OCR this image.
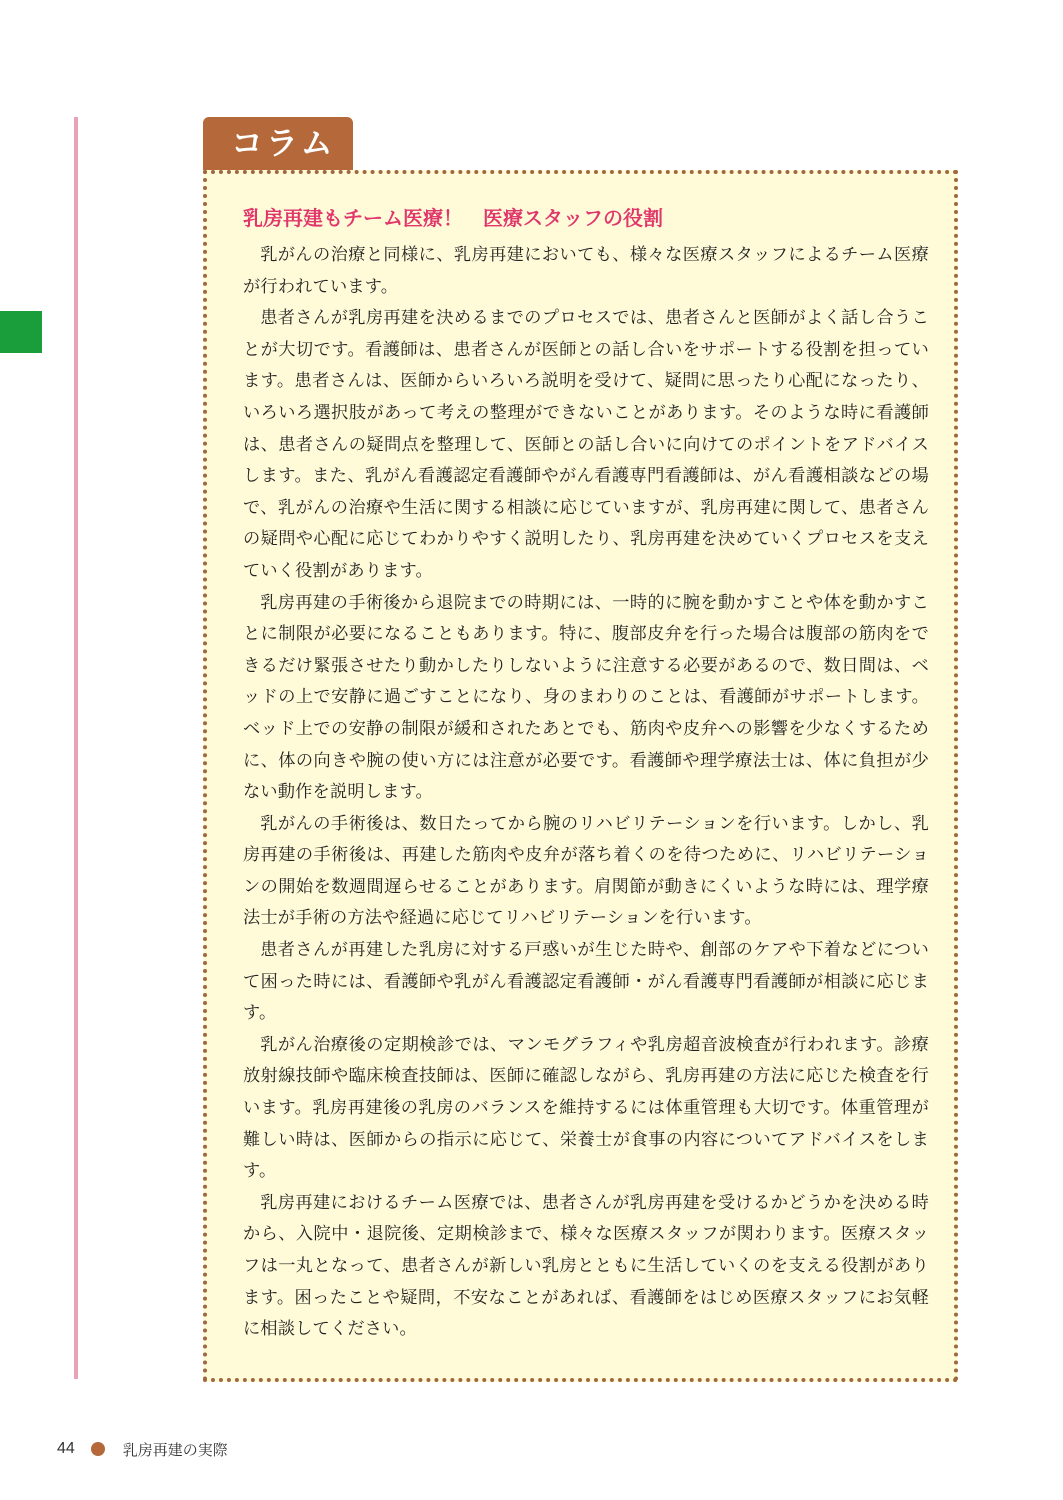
コラム
乳房再建もチーム医療！　医療スタッフの役割

乳がんの治療と同様に、乳房再建においても、様々な医療スタッフによるチーム医療が行われています。

患者さんが乳房再建を決めるまでのプロセスでは、患者さんと医師がよく話し合うことが大切です。看護師は、患者さんが医師との話し合いをサポートする役割を担っています。患者さんは、医師からいろいろ説明を受けて、疑問に思ったり心配になったり、いろいろ選択肢があって考えの整理ができないことがあります。そのような時に看護師は、患者さんの疑問点を整理して、医師との話し合いに向けてのポイントをアドバイスします。また、乳がん看護認定看護師やがん看護専門看護師は、がん看護相談などの場で、乳がんの治療や生活に関する相談に応じていますが、乳房再建に関して、患者さんの疑問や心配に応じてわかりやすく説明したり、乳房再建を決めていくプロセスを支えていく役割があります。

乳房再建の手術後から退院までの時期には、一時的に腕を動かすことや体を動かすことに制限が必要になることもあります。特に、腹部皮弁を行った場合は腹部の筋肉をできるだけ緊張させたり動かしたりしないように注意する必要があるので、数日間は、ベッドの上で安静に過ごすことになり、身のまわりのことは、看護師がサポートします。ベッド上での安静の制限が緩和されたあとでも、筋肉や皮弁への影響を少なくするために、体の向きや腕の使い方には注意が必要です。看護師や理学療法士は、体に負担が少ない動作を説明します。

乳がんの手術後は、数日たってから腕のリハビリテーションを行います。しかし、乳房再建の手術後は、再建した筋肉や皮弁が落ち着くのを待つために、リハビリテーションの開始を数週間遅らせることがあります。肩関節が動きにくいような時には、理学療法士が手術の方法や経過に応じてリハビリテーションを行います。

患者さんが再建した乳房に対する戸惑いが生じた時や、創部のケアや下着などについて困った時には、看護師や乳がん看護認定看護師・がん看護専門看護師が相談に応じます。

乳がん治療後の定期検診では、マンモグラフィや乳房超音波検査が行われます。診療放射線技師や臨床検査技師は、医師に確認しながら、乳房再建の方法に応じた検査を行います。乳房再建後の乳房のバランスを維持するには体重管理も大切です。体重管理が難しい時は、医師からの指示に応じて、栄養士が食事の内容についてアドバイスをします。

乳房再建におけるチーム医療では、患者さんが乳房再建を受けるかどうかを決める時から、入院中・退院後、定期検診まで、様々な医療スタッフが関わります。医療スタッフは一丸となって、患者さんが新しい乳房とともに生活していくのを支える役割があります。困ったことや疑問，不安なことがあれば、看護師をはじめ医療スタッフにお気軽に相談してください。

44	乳房再建の実際
